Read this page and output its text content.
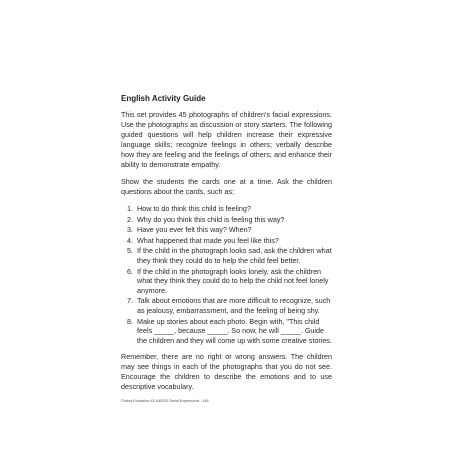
English Activity Guide

This set provides 45 photographs of children's facial expressions. Use the photographs as discussion or story starters. The following guided questions will help children increase their expressive language skills; recognize feelings in others; verbally describe how they are feeling and the feelings of others; and enhance their ability to demonstrate empathy.

Show the students the cards one at a time. Ask the children questions about the cards, such as;

1. How to do think this child is feeling?
2. Why do you think this child is feeling this way?
3. Have you ever felt this way? When?
4. What happened that made you feel like this?
5. If the child in the photograph looks sad, ask the children what they think they could do to help the child feel better.
6. If the child in the photograph looks lonely, ask the children what they think they could do to help the child not feel lonely anymore.
7. Talk about emotions that are more difficult to recognize, such as jealousy, embarrassment, and the feeling of being shy.
8. Make up stories about each photo. Begin with, "This child feels _____, because _____. So now, he will _____. Guide the children and they will come up with some creative stories.

Remember, there are no right or wrong answers. The children may see things in each of the photographs that you do not see. Encourage the children to describe the emotions and to use descriptive vocabulary.

©Inkey Education KE-845020 Facial Expressions - 448
